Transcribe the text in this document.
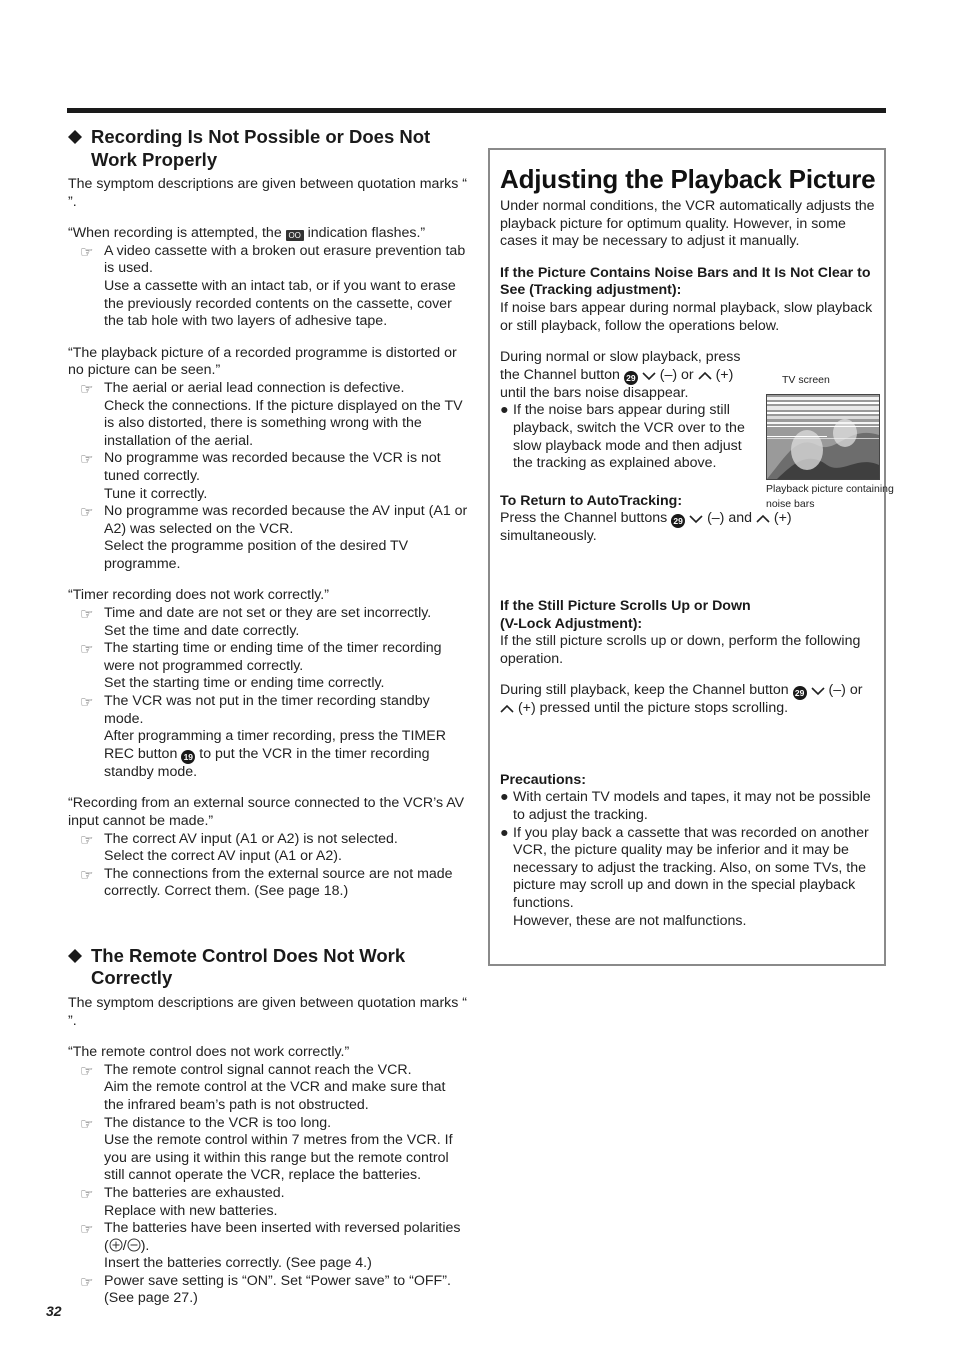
Recording Is Not Possible or Does Not Work Properly

The symptom descriptions are given between quotation marks “ ”.

“When recording is attempted, the OO indication flashes.”

☞ A video cassette with a broken out erasure prevention tab is used.
Use a cassette with an intact tab, or if you want to erase the previously recorded contents on the cassette, cover the tab hole with two layers of adhesive tape.

“The playback picture of a recorded programme is distorted or no picture can be seen.”

☞ The aerial or aerial lead connection is defective.
Check the connections. If the picture displayed on the TV is also distorted, there is something wrong with the installation of the aerial.
☞ No programme was recorded because the VCR is not tuned correctly.
Tune it correctly.
☞ No programme was recorded because the AV input (A1 or A2) was selected on the VCR.
Select the programme position of the desired TV programme.

“Timer recording does not work correctly.”

☞ Time and date are not set or they are set incorrectly.
Set the time and date correctly.
☞ The starting time or ending time of the timer recording were not programmed correctly.
Set the starting time or ending time correctly.
☞ The VCR was not put in the timer recording standby mode.
After programming a timer recording, press the TIMER REC button 19 to put the VCR in the timer recording standby mode.

“Recording from an external source connected to the VCR’s AV input cannot be made.”

☞ The correct AV input (A1 or A2) is not selected.
Select the correct AV input (A1 or A2).
☞ The connections from the external source are not made correctly. Correct them. (See page 18.)
The Remote Control Does Not Work Correctly

The symptom descriptions are given between quotation marks “ ”.

“The remote control does not work correctly.”

☞ The remote control signal cannot reach the VCR.
Aim the remote control at the VCR and make sure that the infrared beam’s path is not obstructed.
☞ The distance to the VCR is too long.
Use the remote control within 7 metres from the VCR. If you are using it within this range but the remote control still cannot operate the VCR, replace the batteries.
☞ The batteries are exhausted.
Replace with new batteries.
☞ The batteries have been inserted with reversed polarities ( / ).
Insert the batteries correctly. (See page 4.)
☞ Power save setting is “ON”. Set “Power save” to “OFF”. (See page 27.)
Adjusting the Playback Picture

Under normal conditions, the VCR automatically adjusts the playback picture for optimum quality. However, in some cases it may be necessary to adjust it manually.

If the Picture Contains Noise Bars and It Is Not Clear to See (Tracking adjustment):

If noise bars appear during normal playback, slow playback or still playback, follow the operations below.

During normal or slow playback, press the Channel button 29 (–) or (+) until the bars noise disappear.

● If the noise bars appear during still playback, switch the VCR over to the slow playback mode and then adjust the tracking as explained above.
TV screen
Playback picture containing noise bars

To Return to AutoTracking:

Press the Channel buttons 29 (–) and (+) simultaneously.

If the Still Picture Scrolls Up or Down

(V-Lock Adjustment):

If the still picture scrolls up or down, perform the following operation.

During still playback, keep the Channel button 29 (–) or  (+) pressed until the picture stops scrolling.

Precautions:

● With certain TV models and tapes, it may not be possible to adjust the tracking.
● If you play back a cassette that was recorded on another VCR, the picture quality may be inferior and it may be necessary to adjust the tracking. Also, on some TVs, the picture may scroll up and down in the special playback functions.
However, these are not malfunctions.
32
